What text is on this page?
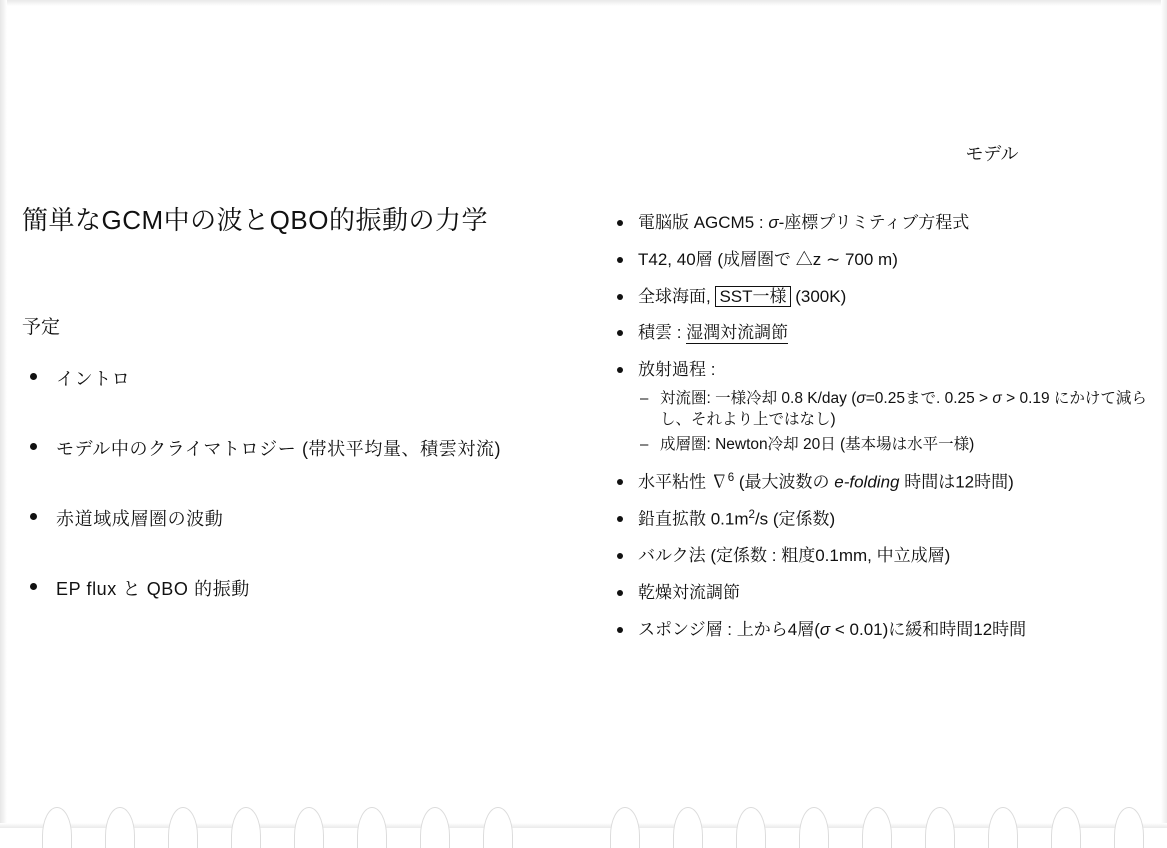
簡単なGCM中の波とQBO的振動の力学
予定
イントロ
モデル中のクライマトロジー (帯状平均量、積雲対流)
赤道域成層圏の波動
EP flux と QBO 的振動
モデル
電脳版 AGCM5 : σ-座標プリミティブ方程式
T42, 40層 (成層圏で △z ∼ 700 m)
全球海面, SST一様 (300K)
積雲 : 湿潤対流調節
放射過程 :
– 対流圏: 一様冷却 0.8 K/day (σ=0.25まで. 0.25 > σ > 0.19 にかけて減らし、それより上ではなし)
– 成層圏: Newton冷却 20日 (基本場は水平一様)
水平粘性 ∇$^6$ (最大波数の e-folding 時間は12時間)
鉛直拡散 $0.1m^2/s$ (定係数)
バルク法 (定係数 : 粗度0.1mm, 中立成層)
乾燥対流調節
スポンジ層 : 上から4層(σ < 0.01)に緩和時間12時間
